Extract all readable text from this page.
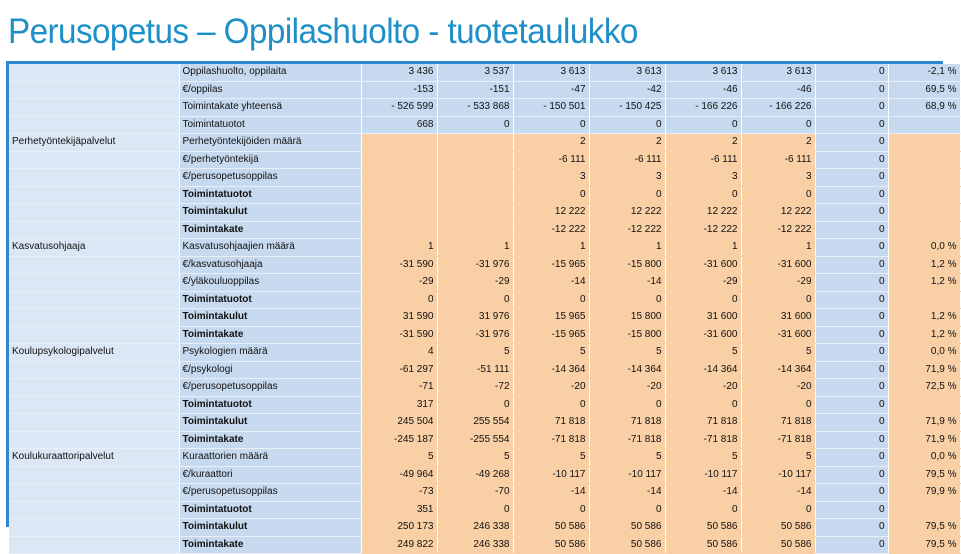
Perusopetus – Oppilashuolto - tuotetaulukko
	Oppilashuolto, oppilaita	3 436	3 537	3 613	3 613	3 613	3 613	0	-2,1 %
	€/oppilas	-153	-151	-47	-42	-46	-46	0	69,5 %
	Toimintakate yhteensä	- 526 599	- 533 868	- 150 501	- 150 425	- 166 226	- 166 226	0	68,9 %
	Toimintatuotot	668	0	0	0	0	0	0	
Perhetyöntekijäpalvelut	Perhetyöntekijöiden määrä			2	2	2	2	0	
	€/perhetyöntekijä			-6 111	-6 111	-6 111	-6 111	0	
	€/perusopetusoppilas			3	3	3	3	0	
	Toimintatuotot			0	0	0	0	0	
	Toimintakulut			12 222	12 222	12 222	12 222	0	
	Toimintakate			-12 222	-12 222	-12 222	-12 222	0	
Kasvatusohjaaja	Kasvatusohjaajien määrä	1	1	1	1	1	1	0	0,0 %
	€/kasvatusohjaaja	-31 590	-31 976	-15 965	-15 800	-31 600	-31 600	0	1,2 %
	€/yläkouluoppilas	-29	-29	-14	-14	-29	-29	0	1,2 %
	Toimintatuotot	0	0	0	0	0	0	0	
	Toimintakulut	31 590	31 976	15 965	15 800	31 600	31 600	0	1,2 %
	Toimintakate	-31 590	-31 976	-15 965	-15 800	-31 600	-31 600	0	1,2 %
Koulupsykologipalvelut	Psykologien määrä	4	5	5	5	5	5	0	0,0 %
	€/psykologi	-61 297	-51 111	-14 364	-14 364	-14 364	-14 364	0	71,9 %
	€/perusopetusoppilas	-71	-72	-20	-20	-20	-20	0	72,5 %
	Toimintatuotot	317	0	0	0	0	0	0	
	Toimintakulut	245 504	255 554	71 818	71 818	71 818	71 818	0	71,9 %
	Toimintakate	-245 187	-255 554	-71 818	-71 818	-71 818	-71 818	0	71,9 %
Koulukuraattoripalvelut	Kuraattorien määrä	5	5	5	5	5	5	0	0,0 %
	€/kuraattori	-49 964	-49 268	-10 117	-10 117	-10 117	-10 117	0	79,5 %
	€/perusopetusoppilas	-73	-70	-14	-14	-14	-14	0	79,9 %
	Toimintatuotot	351	0	0	0	0	0	0	
	Toimintakulut	250 173	246 338	50 586	50 586	50 586	50 586	0	79,5 %
	Toimintakate	249 822	246 338	50 586	50 586	50 586	50 586	0	79,5 %
